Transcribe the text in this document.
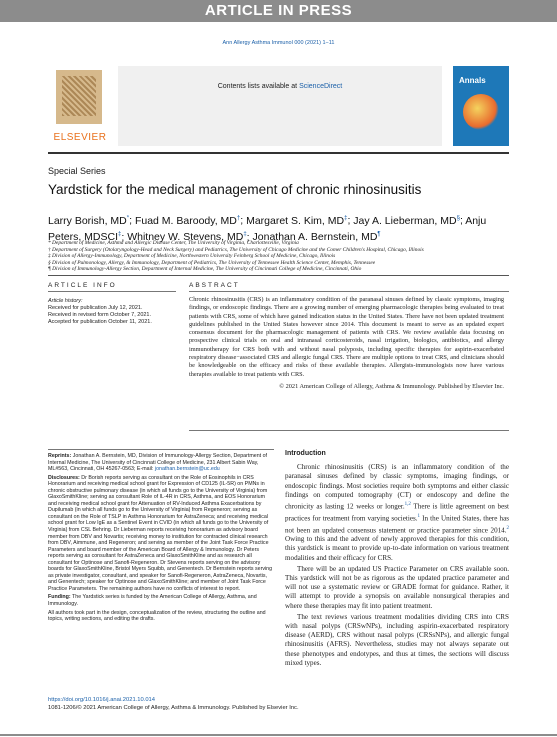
ARTICLE IN PRESS
Ann Allergy Asthma Immunol 000 (2021) 1−11
ELSEVIER
Contents lists available at ScienceDirect
Annals
Special Series
Yardstick for the medical management of chronic rhinosinusitis
Larry Borish, MD*; Fuad M. Baroody, MD†; Margaret S. Kim, MD‡; Jay A. Lieberman, MD§; Anju Peters, MDSCI‡; Whitney W. Stevens, MD‡; Jonathan A. Bernstein, MD¶

* Department of Medicine, Asthma and Allergic Disease Center, The University of Virginia, Charlottesville, Virginia

† Department of Surgery (Otolaryngology-Head and Neck Surgery) and Pediatrics, The University of Chicago Medicine and the Comer Children's Hospital, Chicago, Illinois

‡ Division of Allergy-Immunology, Department of Medicine, Northwestern University Feinberg School of Medicine, Chicago, Illinois

§ Division of Pulmonology, Allergy, & Immunology, Department of Pediatrics, The University of Tennessee Health Science Center, Memphis, Tennessee

¶ Division of Immunology-Allergy Section, Department of Internal Medicine, The University of Cincinnati College of Medicine, Cincinnati, Ohio

ARTICLE INFO	ABSTRACT
Article history:
Received for publication July 12, 2021.
Received in revised form October 7, 2021.
Accepted for publication October 11, 2021.
Chronic rhinosinusitis (CRS) is an inflammatory condition of the paranasal sinuses defined by classic symptoms, imaging findings, or endoscopic findings. There are a growing number of emerging pharmacologic therapies being evaluated to treat patients with CRS, some of which have gained indication status in the United States. There have not been updated treatment guidelines published in the United States however since 2014. This document is meant to serve as an updated expert consensus document for the pharmacologic management of patients with CRS. We review available data focusing on prospective clinical trials on oral and intranasal corticosteroids, nasal irrigation, biologics, antibiotics, and allergy immunotherapy for CRS both with and without nasal polyposis, including specific therapies for aspirin-exacerbated respiratory disease−associated CRS and allergic fungal CRS. There are multiple options to treat CRS, and clinicians should be knowledgeable on the efficacy and risks of these available therapies. Allergists-immunologists now have various therapies available to treat patients with CRS.
© 2021 American College of Allergy, Asthma & Immunology. Published by Elsevier Inc.

Reprints: Jonathan A. Bernstein, MD, Division of Immunology-Allergy Section, Department of Internal Medicine, The University of Cincinnati College of Medicine, 231 Albert Sabin Way, ML#563, Cincinnati, OH 45267-0563; E-mail: jonathan.bernstein@uc.edu

Disclosures: Dr Borish reports serving as consultant on the Role of Eosinophils in CRS Honorarium and receiving medical school grant for Expression of CD125 (IL-5R) on PMNs in chronic obstructive pulmonary disease (in which all funds go to the University of Virginia) from GlaxoSmithKline; serving as consultant Role of IL-4R in CRS, Asthma, and EOS Honorarium and receiving medical school grant for Attenuation of RV-Induced Asthma Exacerbations by Dupilumab (in which all funds go to the University of Virginia) from Regeneron; serving as consultant on the Role of TSLP in Asthma Honorarium for AstraZeneca; and receiving medical school grant for Low IgE as a Sentinel Event in CVID (in which all funds go to the University of Virginia) from CSL Behring. Dr Lieberman reports receiving honorarium as advisory board member from DBV and Novartis; receiving money to institution for contracted clinical research from DBV, Aimmune, and Regeneron; and serving as member of the Joint Task Force Practice Parameters and board member of the American Board of Allergy & Immunology. Dr Peters reports serving as consultant for AstraZeneca and GlaxoSmithKline and as research all consultant for Optinose and Sanofi-Regeneron. Dr Stevens reports serving on the advisory boards for GlaxoSmithKline, Bristol Myers Squibb, and Genentech. Dr Bernstein reports serving as private investigator, consultant, and speaker for Sanofi-Regeneron, AstraZeneca, Novartis, and Genentech; speaker for Optinose and GlaxoSmithKline; and member of Joint Task Force Practice Parameters. The remaining authors have no conflicts of interest to report.

Funding: The Yardstick series is funded by the American College of Allergy, Asthma, and Immunology.

All authors took part in the design, conceptualization of the review, structuring the outline and topics, writing sections, and editing the drafts.

Introduction

Chronic rhinosinusitis (CRS) is an inflammatory condition of the paranasal sinuses defined by classic symptoms, imaging findings, or endoscopic findings. Most societies require both symptoms and either classic findings on computed tomography (CT) or endoscopy and define the chronicity as lasting 12 weeks or longer.$^{1,2}$ There is little agreement on best practices for treatment from varying societies.$^1$ In the United States, there has not been an updated consensus statement or practice parameter since 2014.$^2$ Owing to this and the advent of newly approved therapies for this condition, this yardstick is meant to provide up-to-date information on various treatment modalities and their efficacy for CRS.

There will be an updated US Practice Parameter on CRS available soon. This yardstick will not be as rigorous as the updated practice parameter and will not use a systematic review or GRADE format for guidance. Rather, it will attempt to provide a synopsis on available nonsurgical therapies and where these therapies may fit into patient treatment.

The text reviews various treatment modalities dividing CRS into CRS with nasal polyps (CRSwNPs), including aspirin-exacerbated respiratory disease (AERD), CRS without nasal polyps (CRSsNPs), and allergic fungal rhinosinusitis (AFRS). Nevertheless, studies may not always separate out these phenotypes and endotypes, and thus at times, the sections will discuss mixed types.

https://doi.org/10.1016/j.anai.2021.10.014
1081-1206/© 2021 American College of Allergy, Asthma & Immunology. Published by Elsevier Inc.
